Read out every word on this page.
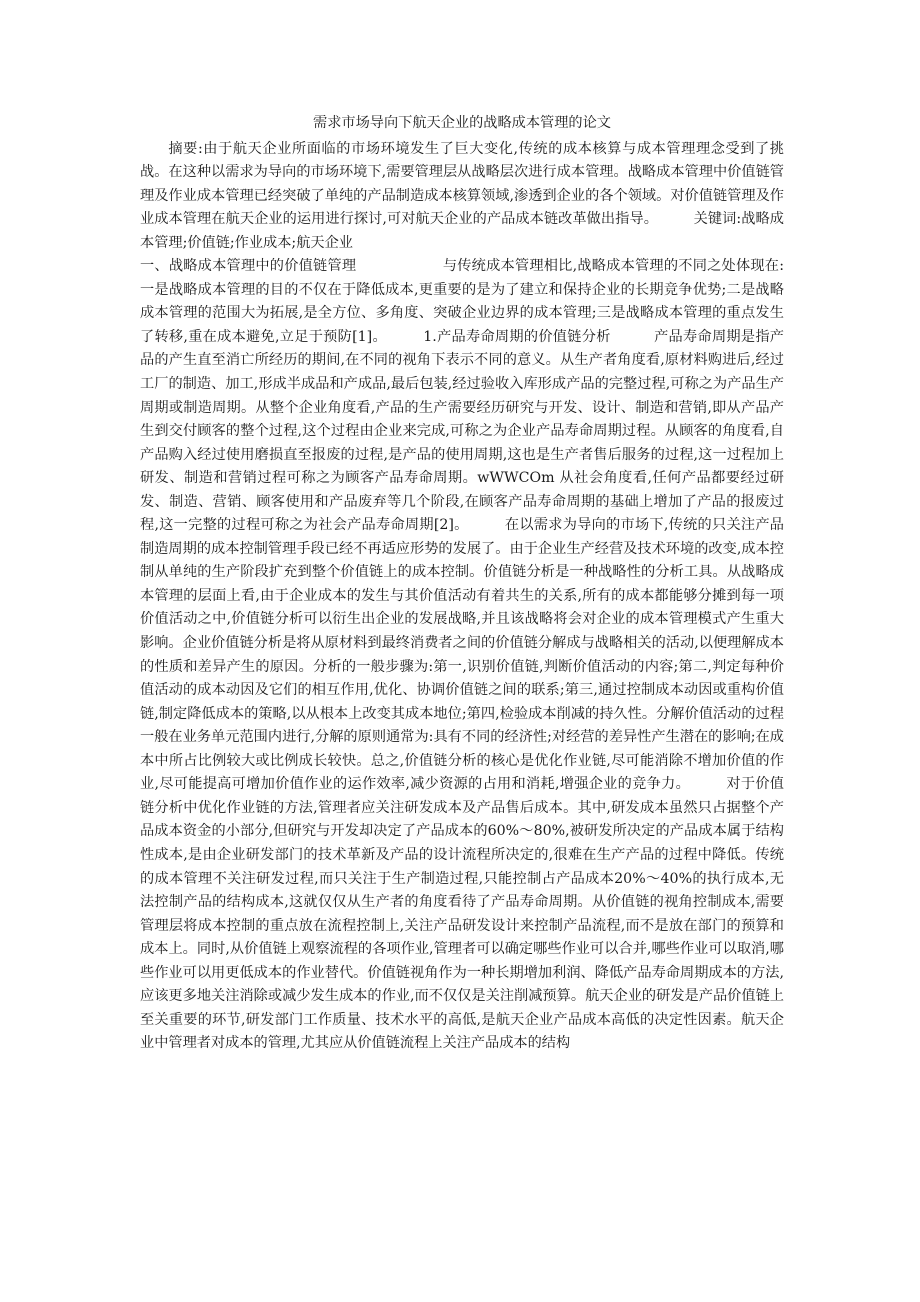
需求市场导向下航天企业的战略成本管理的论文

摘要:由于航天企业所面临的市场环境发生了巨大变化,传统的成本核算与成本管理理念受到了挑战。在这种以需求为导向的市场环境下,需要管理层从战略层次进行成本管理。战略成本管理中价值链管理及作业成本管理已经突破了单纯的产品制造成本核算领域,渗透到企业的各个领域。对价值链管理及作业成本管理在航天企业的运用进行探讨,可对航天企业的产品成本链改革做出指导。　　　关键词:战略成本管理;价值链;作业成本;航天企业

一、战略成本管理中的价值链管理　　　　　　与传统成本管理相比,战略成本管理的不同之处体现在:一是战略成本管理的目的不仅在于降低成本,更重要的是为了建立和保持企业的长期竞争优势;二是战略成本管理的范围大为拓展,是全方位、多角度、突破企业边界的成本管理;三是战略成本管理的重点发生了转移,重在成本避免,立足于预防[1]。　　　1.产品寿命周期的价值链分析　　　产品寿命周期是指产品的产生直至消亡所经历的期间,在不同的视角下表示不同的意义。从生产者角度看,原材料购进后,经过工厂的制造、加工,形成半成品和产成品,最后包装,经过验收入库形成产品的完整过程,可称之为产品生产周期或制造周期。从整个企业角度看,产品的生产需要经历研究与开发、设计、制造和营销,即从产品产生到交付顾客的整个过程,这个过程由企业来完成,可称之为企业产品寿命周期过程。从顾客的角度看,自产品购入经过使用磨损直至报废的过程,是产品的使用周期,这也是生产者售后服务的过程,这一过程加上研发、制造和营销过程可称之为顾客产品寿命周期。wWWCOm 从社会角度看,任何产品都要经过研发、制造、营销、顾客使用和产品废弃等几个阶段,在顾客产品寿命周期的基础上增加了产品的报废过程,这一完整的过程可称之为社会产品寿命周期[2]。　　　在以需求为导向的市场下,传统的只关注产品制造周期的成本控制管理手段已经不再适应形势的发展了。由于企业生产经营及技术环境的改变,成本控制从单纯的生产阶段扩充到整个价值链上的成本控制。价值链分析是一种战略性的分析工具。从战略成本管理的层面上看,由于企业成本的发生与其价值活动有着共生的关系,所有的成本都能够分摊到每一项价值活动之中,价值链分析可以衍生出企业的发展战略,并且该战略将会对企业的成本管理模式产生重大影响。企业价值链分析是将从原材料到最终消费者之间的价值链分解成与战略相关的活动,以便理解成本的性质和差异产生的原因。分析的一般步骤为:第一,识别价值链,判断价值活动的内容;第二,判定每种价值活动的成本动因及它们的相互作用,优化、协调价值链之间的联系;第三,通过控制成本动因或重构价值链,制定降低成本的策略,以从根本上改变其成本地位;第四,检验成本削减的持久性。分解价值活动的过程一般在业务单元范围内进行,分解的原则通常为:具有不同的经济性;对经营的差异性产生潜在的影响;在成本中所占比例较大或比例成长较快。总之,价值链分析的核心是优化作业链,尽可能消除不增加价值的作业,尽可能提高可增加价值作业的运作效率,减少资源的占用和消耗,增强企业的竞争力。　　　对于价值链分析中优化作业链的方法,管理者应关注研发成本及产品售后成本。其中,研发成本虽然只占据整个产品成本资金的小部分,但研究与开发却决定了产品成本的60%～80%,被研发所决定的产品成本属于结构性成本,是由企业研发部门的技术革新及产品的设计流程所决定的,很难在生产产品的过程中降低。传统的成本管理不关注研发过程,而只关注于生产制造过程,只能控制占产品成本20%～40%的执行成本,无法控制产品的结构成本,这就仅仅从生产者的角度看待了产品寿命周期。从价值链的视角控制成本,需要管理层将成本控制的重点放在流程控制上,关注产品研发设计来控制产品流程,而不是放在部门的预算和成本上。同时,从价值链上观察流程的各项作业,管理者可以确定哪些作业可以合并,哪些作业可以取消,哪些作业可以用更低成本的作业替代。价值链视角作为一种长期增加利润、降低产品寿命周期成本的方法,应该更多地关注消除或减少发生成本的作业,而不仅仅是关注削减预算。航天企业的研发是产品价值链上至关重要的环节,研发部门工作质量、技术水平的高低,是航天企业产品成本高低的决定性因素。航天企业中管理者对成本的管理,尤其应从价值链流程上关注产品成本的结构
